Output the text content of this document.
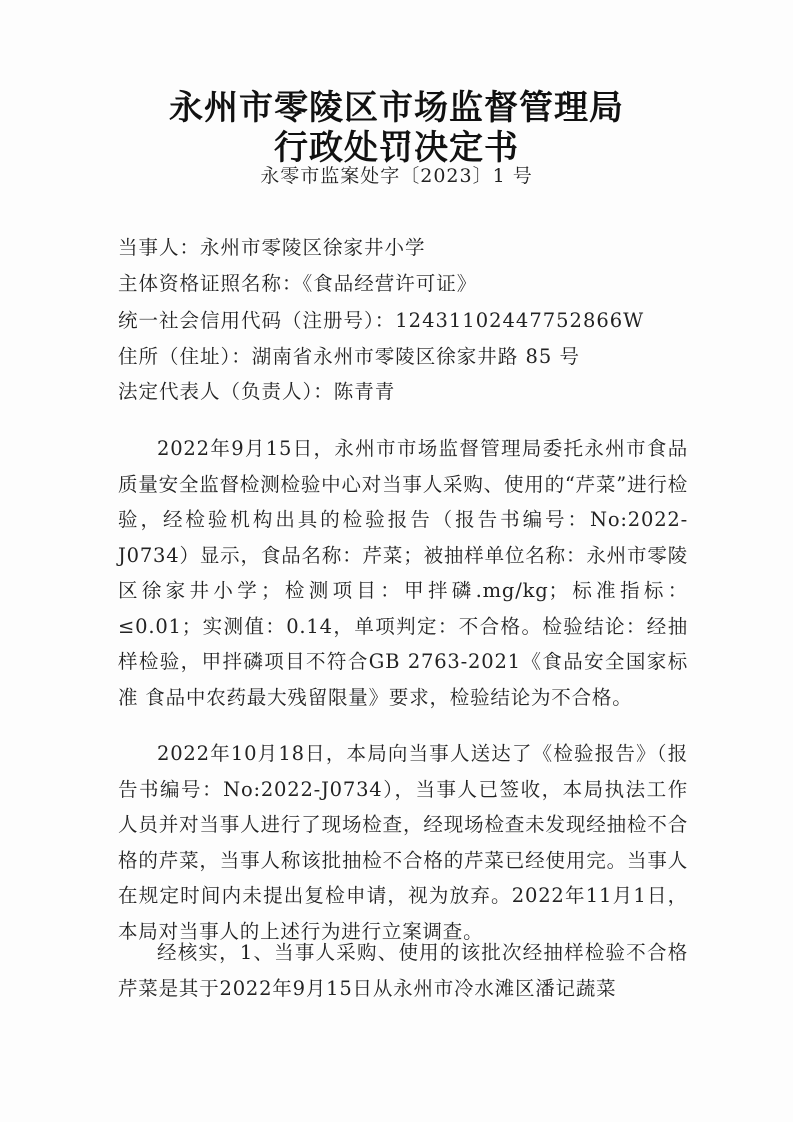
永州市零陵区市场监督管理局
行政处罚决定书
永零市监案处字〔2023〕1 号
当事人：永州市零陵区徐家井小学
主体资格证照名称：《食品经营许可证》
统一社会信用代码（注册号）：12431102447752866W
住所（住址）：湖南省永州市零陵区徐家井路 85 号
法定代表人（负责人）：陈青青

2022年9月15日，永州市市场监督管理局委托永州市食品质量安全监督检测检验中心对当事人采购、使用的“芹菜”进行检验，经检验机构出具的检验报告（报告书编号：No:2022-J0734）显示，食品名称：芹菜；被抽样单位名称：永州市零陵区徐家井小学；检测项目：甲拌磷.mg/kg；标准指标：≤0.01；实测值：0.14，单项判定：不合格。检验结论：经抽样检验，甲拌磷项目不符合GB 2763-2021《食品安全国家标准 食品中农药最大残留限量》要求，检验结论为不合格。

2022年10月18日，本局向当事人送达了《检验报告》（报告书编号：No:2022-J0734），当事人已签收，本局执法工作人员并对当事人进行了现场检查，经现场检查未发现经抽检不合格的芹菜，当事人称该批抽检不合格的芹菜已经使用完。当事人在规定时间内未提出复检申请，视为放弃。2022年11月1日，本局对当事人的上述行为进行立案调查。

经核实，1、当事人采购、使用的该批次经抽样检验不合格芹菜是其于2022年9月15日从永州市冷水滩区潘记蔬菜
